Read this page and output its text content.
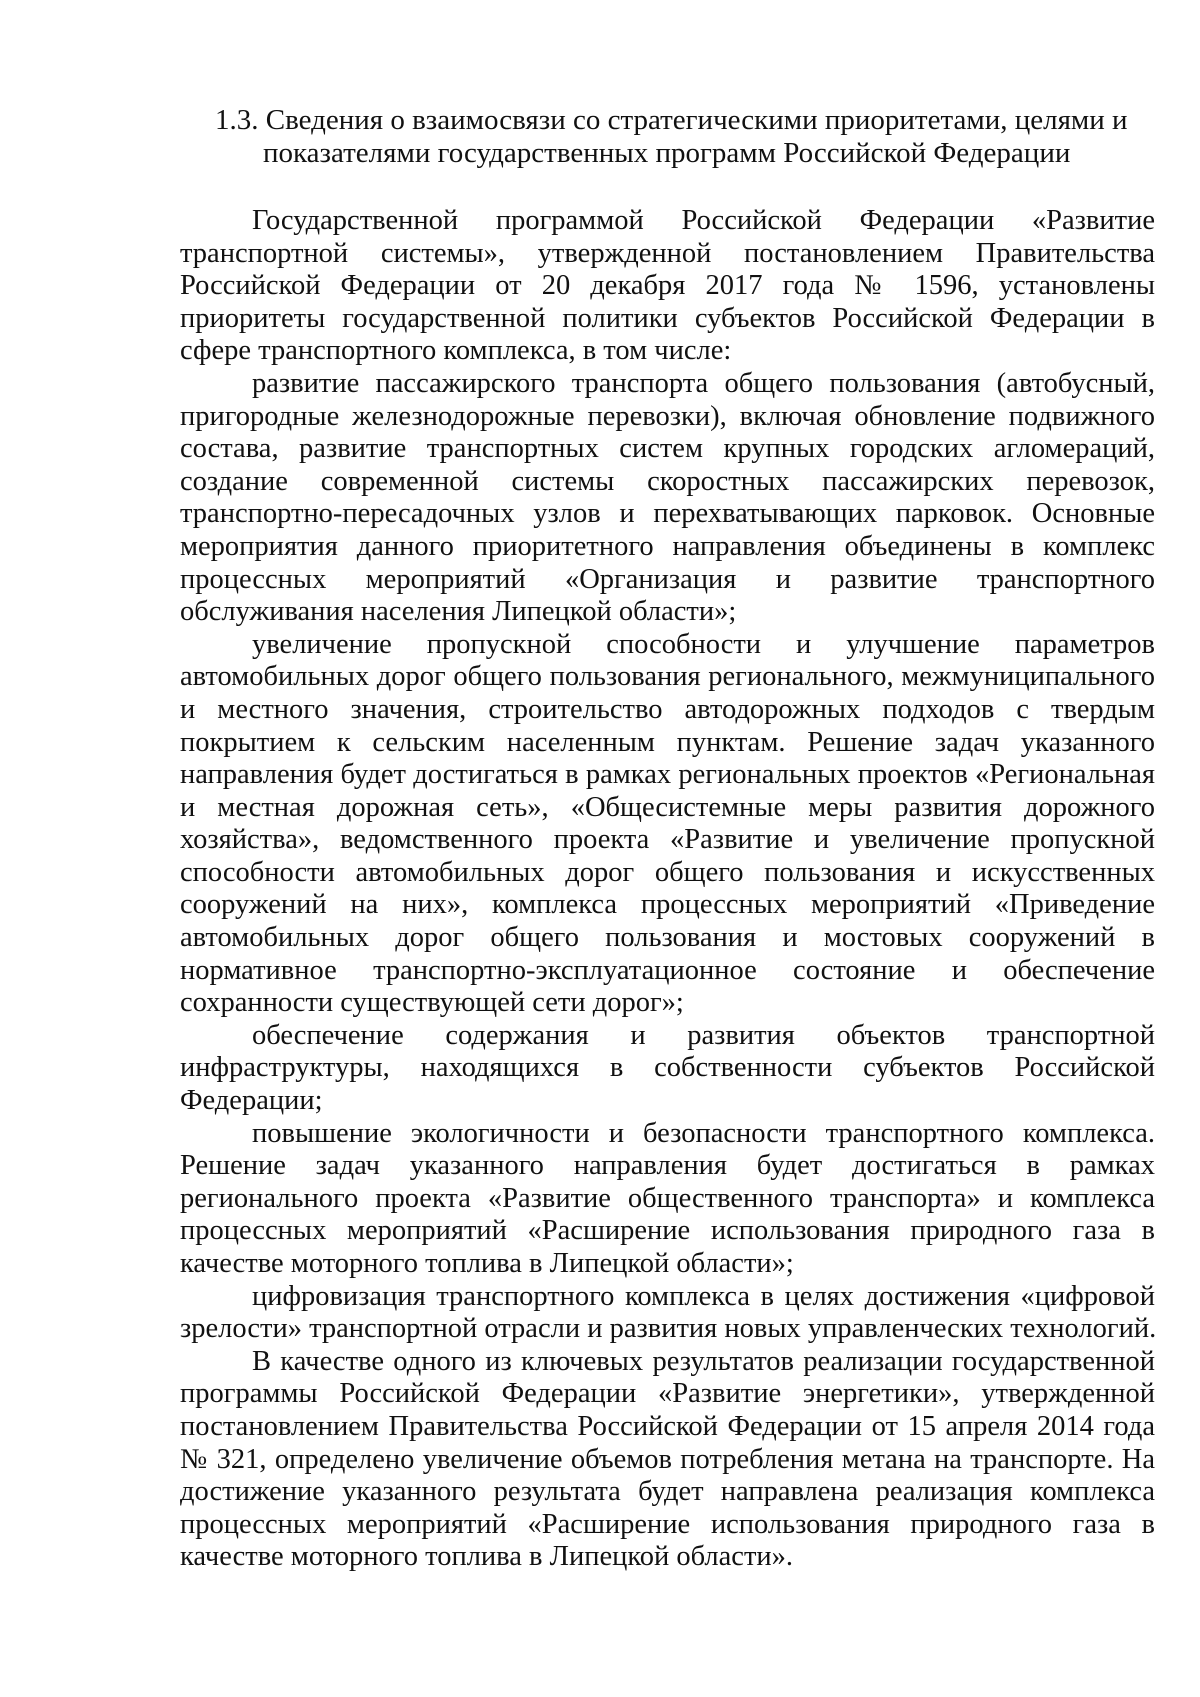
1.3. Сведения о взаимосвязи со стратегическими приоритетами, целями и
показателями государственных программ Российской Федерации
Государственной программой Российской Федерации «Развитие
транспортной системы», утвержденной постановлением Правительства
Российской Федерации от 20 декабря 2017 года № 1596, установлены
приоритеты государственной политики субъектов Российской Федерации в
сфере транспортного комплекса, в том числе:
развитие пассажирского транспорта общего пользования (автобусный,
пригородные железнодорожные перевозки), включая обновление подвижного
состава, развитие транспортных систем крупных городских агломераций,
создание современной системы скоростных пассажирских перевозок,
транспортно-пересадочных узлов и перехватывающих парковок. Основные
мероприятия данного приоритетного направления объединены в комплекс
процессных мероприятий «Организация и развитие транспортного
обслуживания населения Липецкой области»;
увеличение пропускной способности и улучшение параметров
автомобильных дорог общего пользования регионального, межмуниципального
и местного значения, строительство автодорожных подходов с твердым
покрытием к сельским населенным пунктам. Решение задач указанного
направления будет достигаться в рамках региональных проектов «Региональная
и местная дорожная сеть», «Общесистемные меры развития дорожного
хозяйства», ведомственного проекта «Развитие и увеличение пропускной
способности автомобильных дорог общего пользования и искусственных
сооружений на них», комплекса процессных мероприятий «Приведение
автомобильных дорог общего пользования и мостовых сооружений в
нормативное транспортно-эксплуатационное состояние и обеспечение
сохранности существующей сети дорог»;
обеспечение содержания и развития объектов транспортной
инфраструктуры, находящихся в собственности субъектов Российской
Федерации;
повышение экологичности и безопасности транспортного комплекса.
Решение задач указанного направления будет достигаться в рамках
регионального проекта «Развитие общественного транспорта» и комплекса
процессных мероприятий «Расширение использования природного газа в
качестве моторного топлива в Липецкой области»;
цифровизация транспортного комплекса в целях достижения «цифровой
зрелости» транспортной отрасли и развития новых управленческих технологий.
В качестве одного из ключевых результатов реализации государственной
программы Российской Федерации «Развитие энергетики», утвержденной
постановлением Правительства Российской Федерации от 15 апреля 2014 года
№ 321, определено увеличение объемов потребления метана на транспорте. На
достижение указанного результата будет направлена реализация комплекса
процессных мероприятий «Расширение использования природного газа в
качестве моторного топлива в Липецкой области».
